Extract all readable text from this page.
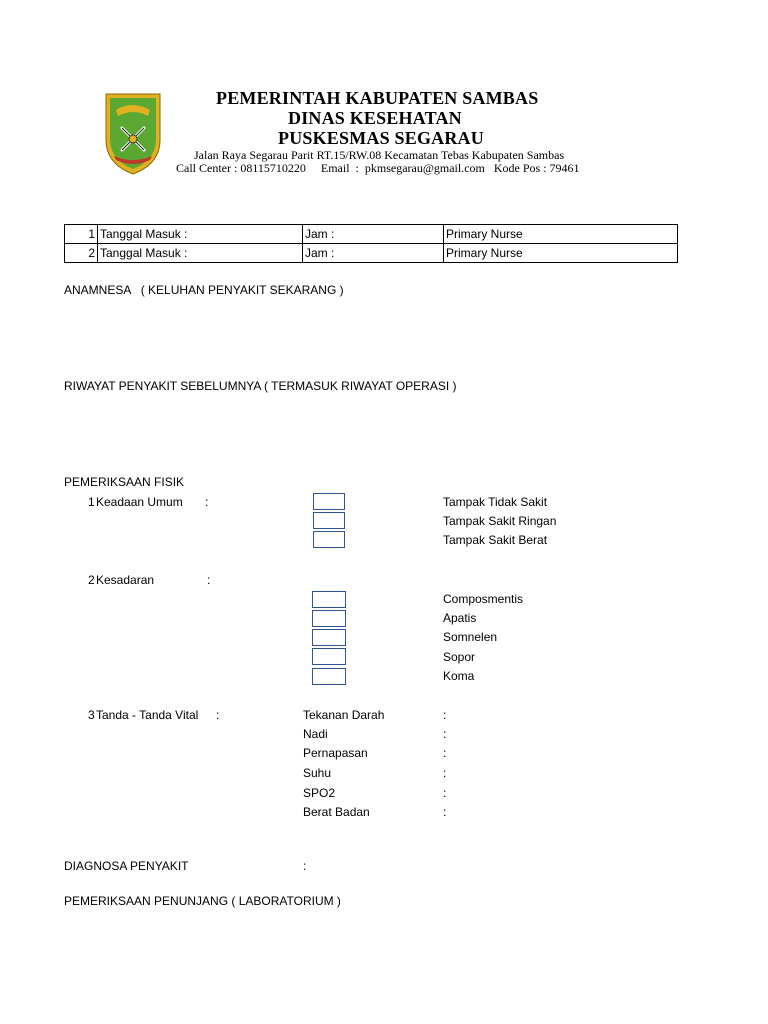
PEMERINTAH KABUPATEN SAMBAS
DINAS KESEHATAN
PUSKESMAS SEGARAU
Jalan Raya Segarau Parit RT.15/RW.08 Kecamatan Tebas Kabupaten Sambas
Call Center : 08115710220     Email  :  pkmsegarau@gmail.com   Kode Pos : 79461
1	Tanggal Masuk :	Jam :	Primary Nurse
2	Tanggal Masuk :	Jam :	Primary Nurse
ANAMNESA   ( KELUHAN PENYAKIT SEKARANG )
RIWAYAT PENYAKIT SEBELUMNYA ( TERMASUK RIWAYAT OPERASI )
PEMERIKSAAN FISIK
1 Keadaan Umum :	Tampak Tidak Sakit
Tampak Sakit Ringan
Tampak Sakit Berat
2 Kesadaran	:
Composmentis
Apatis
Somnelen
Sopor
Koma
3 Tanda - Tanda Vital :	Tekanan Darah	:
Nadi	:
Pernapasan	:
Suhu	:
SPO2	:
Berat Badan	:
DIAGNOSA PENYAKIT	:
PEMERIKSAAN PENUNJANG ( LABORATORIUM )
